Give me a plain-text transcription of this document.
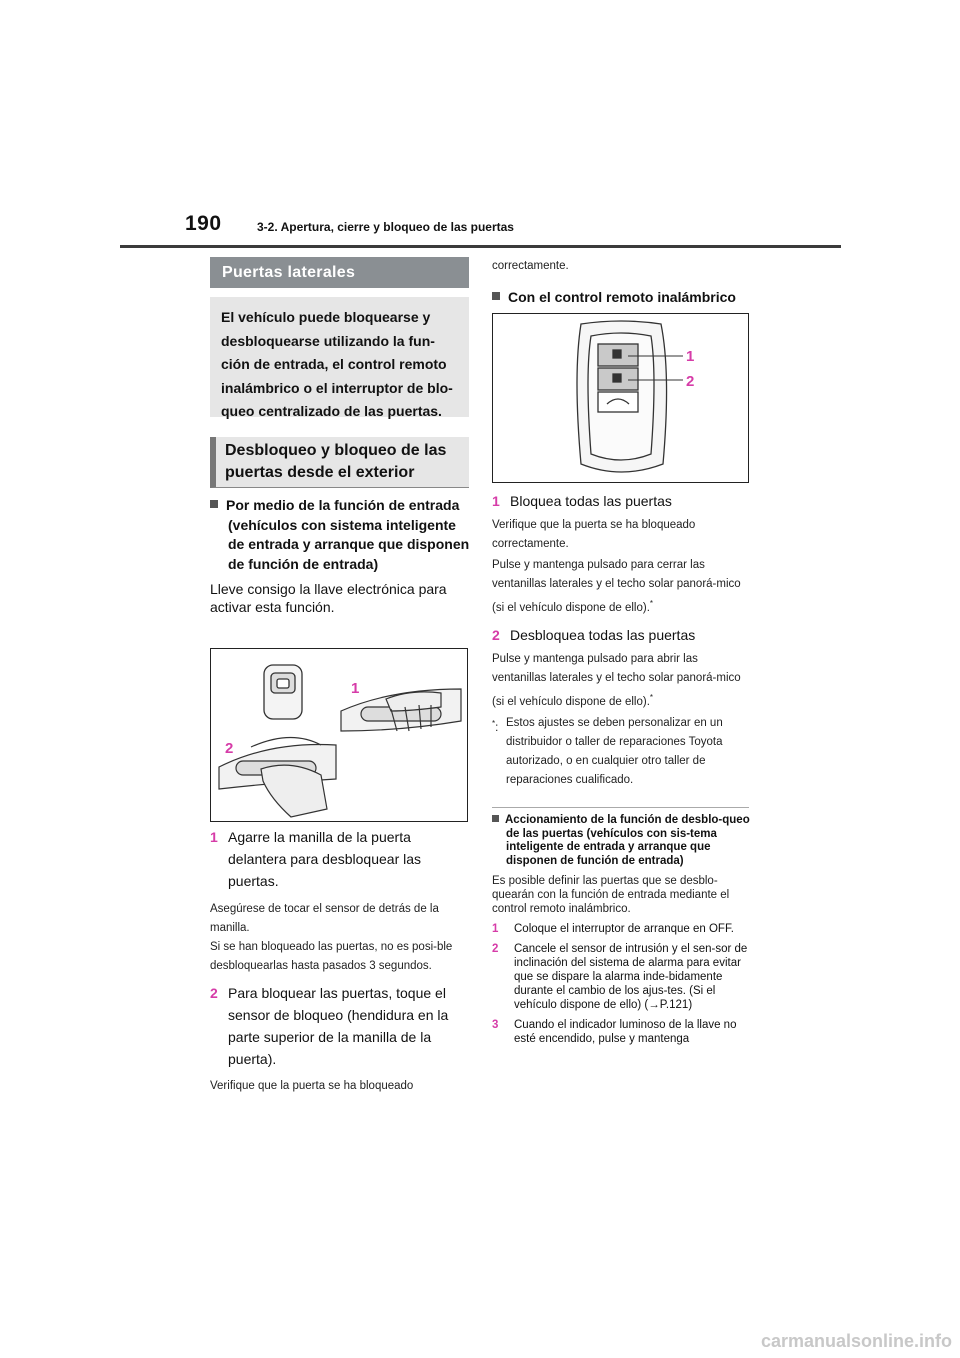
190	3-2. Apertura, cierre y bloqueo de las puertas
Puertas laterales
El vehículo puede bloquearse y desbloquearse utilizando la fun-ción de entrada, el control remoto inalámbrico o el interruptor de blo-queo centralizado de las puertas.
Desbloqueo y bloqueo de las puertas desde el exterior
Por medio de la función de entrada (vehículos con sistema inteligente de entrada y arranque que disponen de función de entrada)
Lleve consigo la llave electrónica para activar esta función.
1
2
1 Agarre la manilla de la puerta delantera para desbloquear las puertas.
Asegúrese de tocar el sensor de detrás de la manilla.
Si se han bloqueado las puertas, no es posi-ble desbloquearlas hasta pasados 3 segundos.
2 Para bloquear las puertas, toque el sensor de bloqueo (hendidura en la parte superior de la manilla de la puerta).
Verifique que la puerta se ha bloqueado
correctamente.
Con el control remoto inalámbrico
1
2
1 Bloquea todas las puertas
Verifique que la puerta se ha bloqueado correctamente.
Pulse y mantenga pulsado para cerrar las ventanillas laterales y el techo solar panorá-mico (si el vehículo dispone de ello).*
2 Desbloquea todas las puertas
Pulse y mantenga pulsado para abrir las ventanillas laterales y el techo solar panorá-mico (si el vehículo dispone de ello).*
*: Estos ajustes se deben personalizar en un distribuidor o taller de reparaciones Toyota autorizado, o en cualquier otro taller de reparaciones cualificado.
Accionamiento de la función de desblo-queo de las puertas (vehículos con sis-tema inteligente de entrada y arranque que disponen de función de entrada)
Es posible definir las puertas que se desblo-quearán con la función de entrada mediante el control remoto inalámbrico.
1	Coloque el interruptor de arranque en OFF.
2	Cancele el sensor de intrusión y el sen-sor de inclinación del sistema de alarma para evitar que se dispare la alarma inde-bidamente durante el cambio de los ajus-tes. (Si el vehículo dispone de ello) (→P.121)
3	Cuando el indicador luminoso de la llave no esté encendido, pulse y mantenga
carmanualsonline.info
